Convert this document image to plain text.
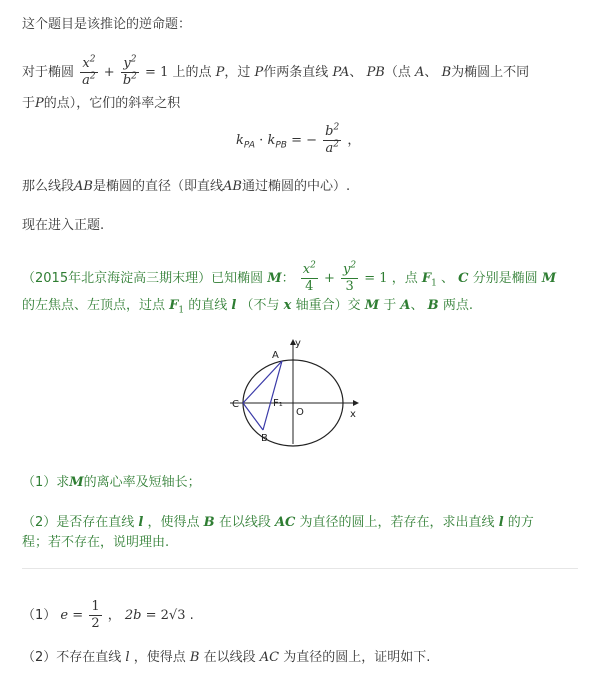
这个题目是该推论的逆命题：
对于椭圆 $\frac{x^2}{a^2} + \frac{y^2}{b^2} = 1$ 上的点 P，过 P作两条直线 PA、 PB（点 A、 B为椭圆上不同
于P的点），它们的斜率之积
$k_{PA} \cdot k_{PB}$ = − $\frac{b^2}{a^2}$ ，
那么线段AB是椭圆的直径（即直线AB通过椭圆的中心）.
现在进入正题.
（2015年北京海淀高三期末理）已知椭圆 M： $\frac{x^2}{4} + \frac{y^2}{3} = 1$ ，点 $F_1$ 、 C 分别是椭圆 M
的左焦点、左顶点，过点 $F_1$ 的直线 l （不与 x 轴重合）交 M 于 A、 B 两点.
y
x
A
B
C	F₁
O
（1）求M的离心率及短轴长；
（2）是否存在直线 l ，使得点 B 在以线段 AC 为直径的圆上，若存在，求出直线 l 的方
程；若不存在，说明理由.
（1） $e = \frac{1}{2}$ ， 2b = 2√3 .
（2）不存在直线 l ，使得点 B 在以线段 AC 为直径的圆上，证明如下.
